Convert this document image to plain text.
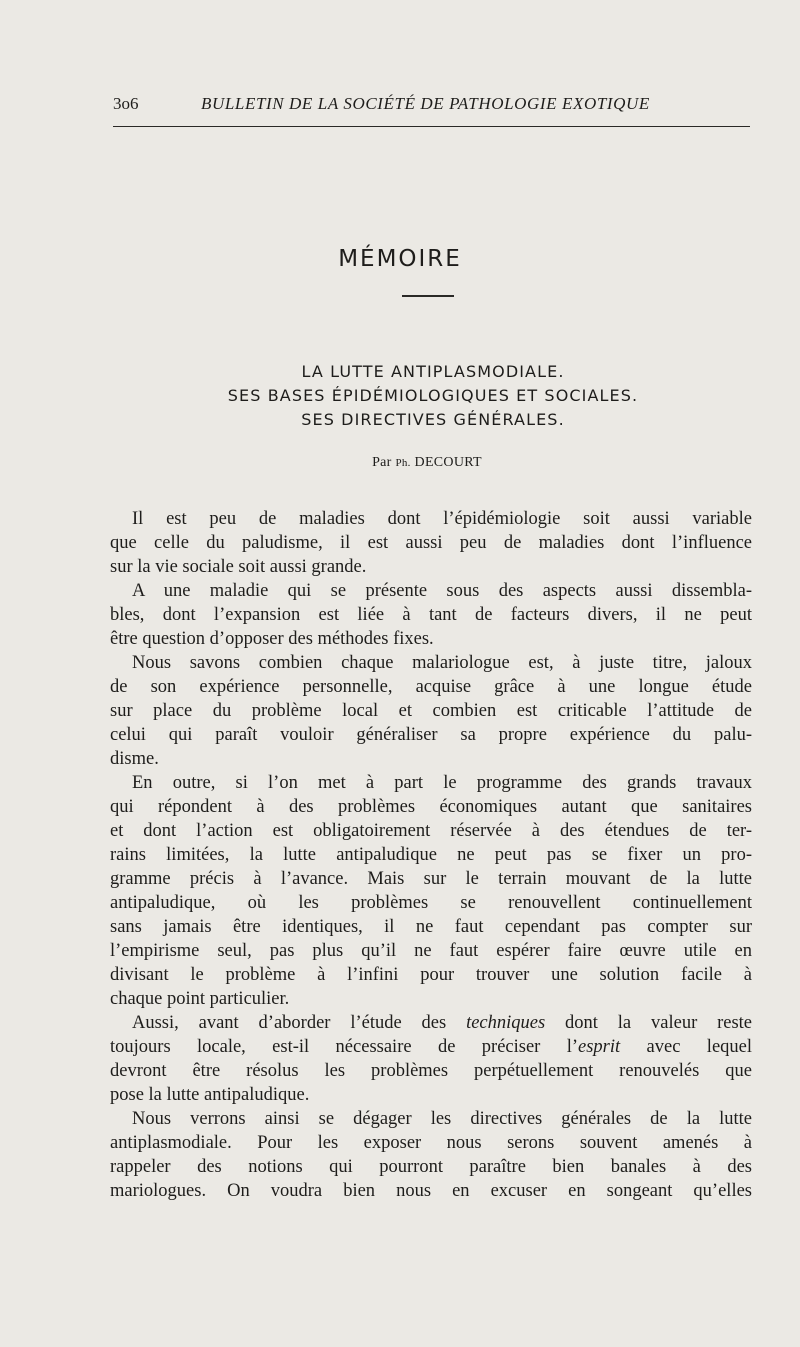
3o6	BULLETIN DE LA SOCIÉTÉ DE PATHOLOGIE EXOTIQUE
MÉMOIRE
LA LUTTE ANTIPLASMODIALE.
SES BASES ÉPIDÉMIOLOGIQUES ET SOCIALES.
SES DIRECTIVES GÉNÉRALES.
Par Ph. DECOURT
Il est peu de maladies dont l’épidémiologie soit aussi variable
que celle du paludisme, il est aussi peu de maladies dont l’influence
sur la vie sociale soit aussi grande.
A une maladie qui se présente sous des aspects aussi dissembla-
bles, dont l’expansion est liée à tant de facteurs divers, il ne peut
être question d’opposer des méthodes fixes.
Nous savons combien chaque malariologue est, à juste titre, jaloux
de son expérience personnelle, acquise grâce à une longue étude
sur place du problème local et combien est criticable l’attitude de
celui qui paraît vouloir généraliser sa propre expérience du palu-
disme.
En outre, si l’on met à part le programme des grands travaux
qui répondent à des problèmes économiques autant que sanitaires
et dont l’action est obligatoirement réservée à des étendues de ter-
rains limitées, la lutte antipaludique ne peut pas se fixer un pro-
gramme précis à l’avance. Mais sur le terrain mouvant de la lutte
antipaludique, où les problèmes se renouvellent continuellement
sans jamais être identiques, il ne faut cependant pas compter sur
l’empirisme seul, pas plus qu’il ne faut espérer faire œuvre utile en
divisant le problème à l’infini pour trouver une solution facile à
chaque point particulier.
Aussi, avant d’aborder l’étude des techniques dont la valeur reste
toujours locale, est-il nécessaire de préciser l’esprit avec lequel
devront être résolus les problèmes perpétuellement renouvelés que
pose la lutte antipaludique.
Nous verrons ainsi se dégager les directives générales de la lutte
antiplasmodiale. Pour les exposer nous serons souvent amenés à
rappeler des notions qui pourront paraître bien banales à des
mariologues. On voudra bien nous en excuser en songeant qu’elles
